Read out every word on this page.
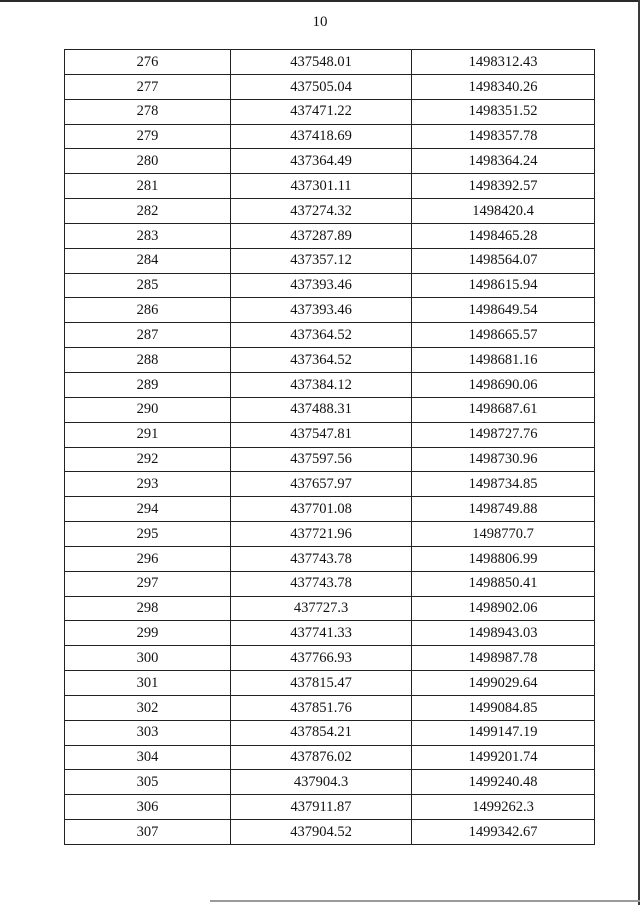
10
276	437548.01	1498312.43
277	437505.04	1498340.26
278	437471.22	1498351.52
279	437418.69	1498357.78
280	437364.49	1498364.24
281	437301.11	1498392.57
282	437274.32	1498420.4
283	437287.89	1498465.28
284	437357.12	1498564.07
285	437393.46	1498615.94
286	437393.46	1498649.54
287	437364.52	1498665.57
288	437364.52	1498681.16
289	437384.12	1498690.06
290	437488.31	1498687.61
291	437547.81	1498727.76
292	437597.56	1498730.96
293	437657.97	1498734.85
294	437701.08	1498749.88
295	437721.96	1498770.7
296	437743.78	1498806.99
297	437743.78	1498850.41
298	437727.3	1498902.06
299	437741.33	1498943.03
300	437766.93	1498987.78
301	437815.47	1499029.64
302	437851.76	1499084.85
303	437854.21	1499147.19
304	437876.02	1499201.74
305	437904.3	1499240.48
306	437911.87	1499262.3
307	437904.52	1499342.67
